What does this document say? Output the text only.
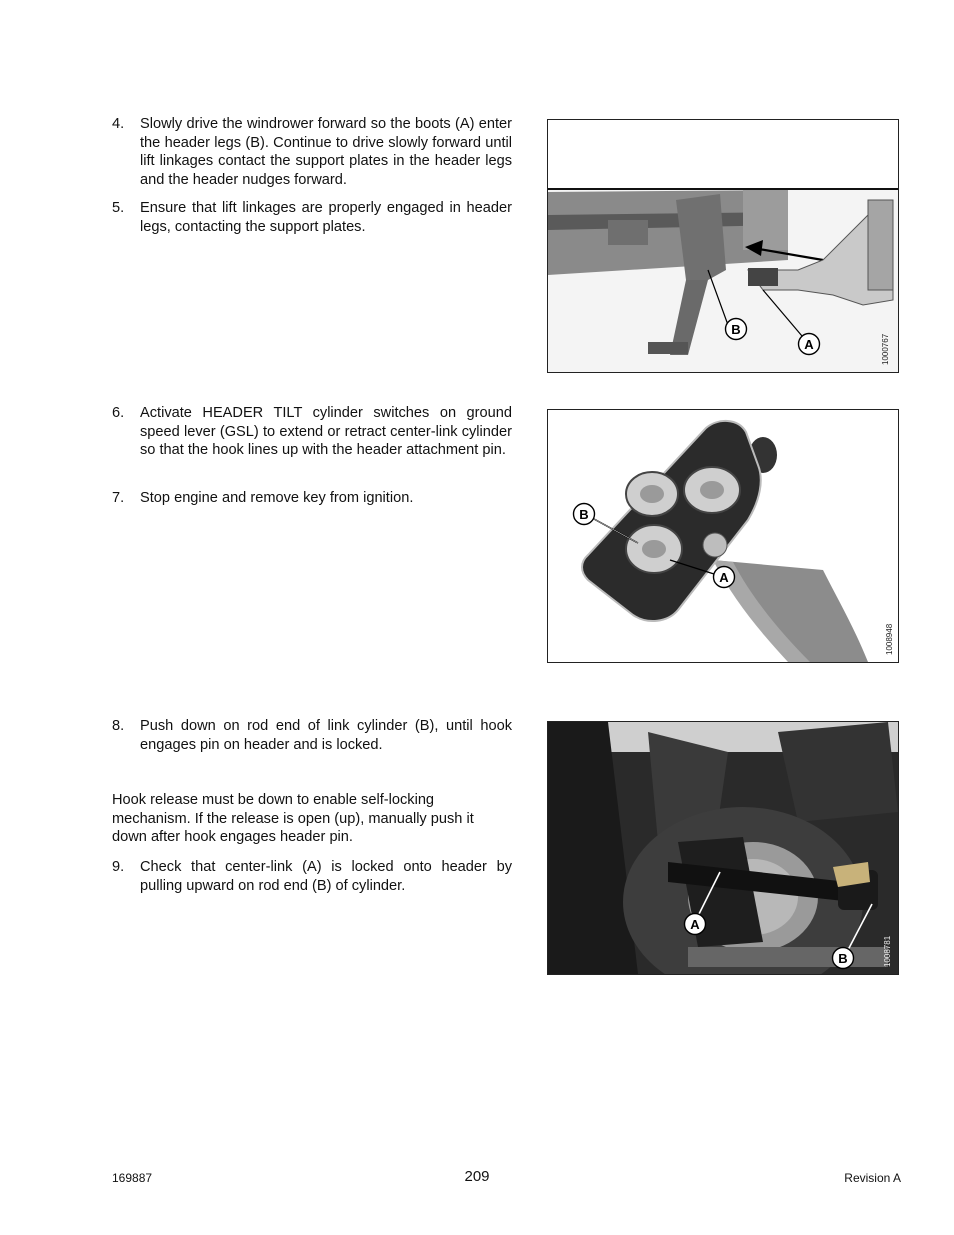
4.	Slowly drive the windrower forward so the boots (A) enter the header legs (B). Continue to drive slowly forward until lift linkages contact the support plates in the header legs and the header nudges forward.
5.	Ensure that lift linkages are properly engaged in header legs, contacting the support plates.
6.	Activate HEADER TILT cylinder switches on ground speed lever (GSL) to extend or retract center-link cylinder so that the hook lines up with the header attachment pin.
7.	Stop engine and remove key from ignition.
8.	Push down on rod end of link cylinder (B), until hook engages pin on header and is locked.
Hook release must be down to enable self-locking mechanism. If the release is open (up), manually push it down after hook engages header pin.
9.	Check that center-link (A) is locked onto header by pulling upward on rod end (B) of cylinder.
B
A	1000767
B
A
1008948
A
B	1008781
169887	209	Revision A
